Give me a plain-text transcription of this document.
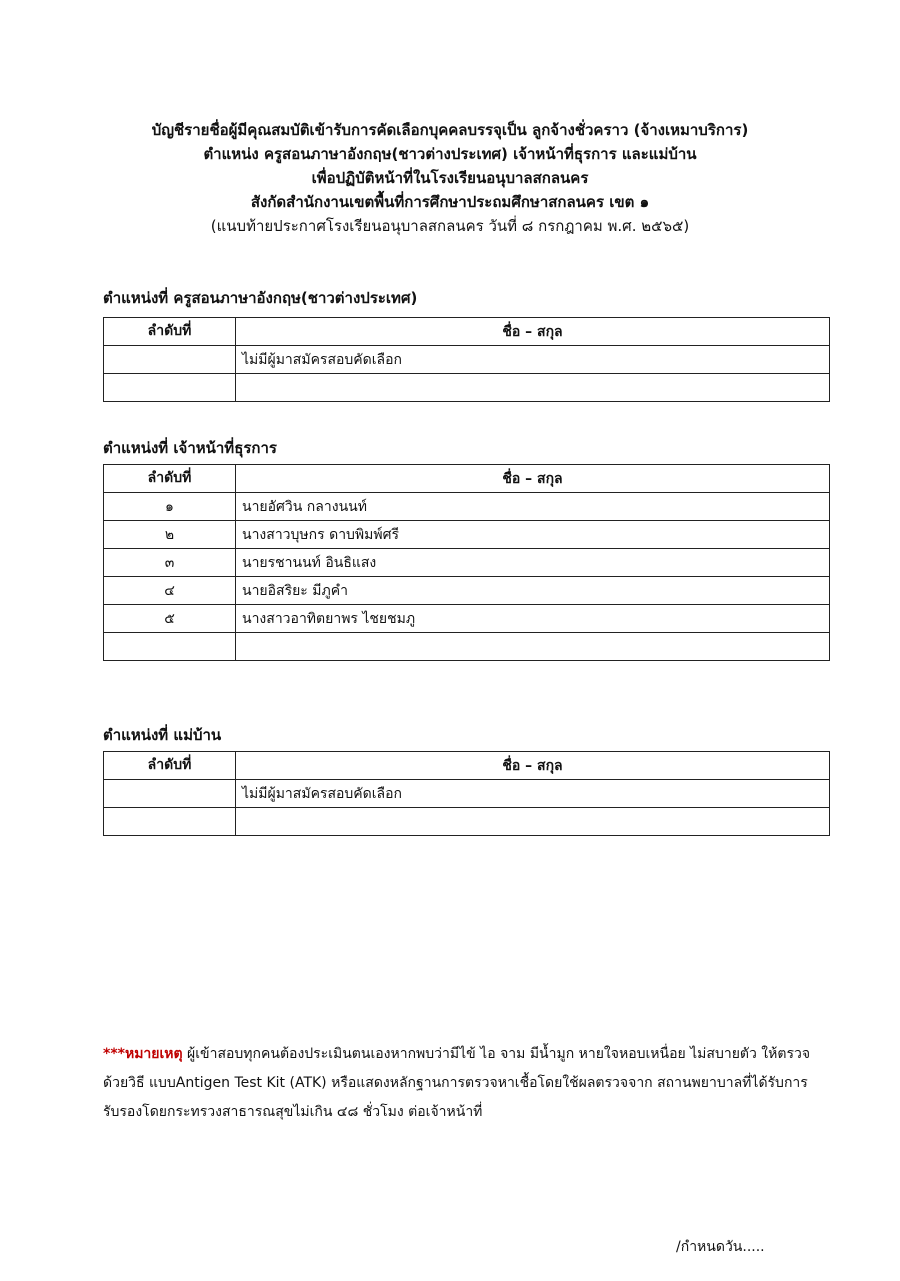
บัญชีรายชื่อผู้มีคุณสมบัติเข้ารับการคัดเลือกบุคคลบรรจุเป็น ลูกจ้างชั่วคราว (จ้างเหมาบริการ)
ตำแหน่ง ครูสอนภาษาอังกฤษ(ชาวต่างประเทศ) เจ้าหน้าที่ธุรการ และแม่บ้าน
เพื่อปฏิบัติหน้าที่ในโรงเรียนอนุบาลสกลนคร
สังกัดสำนักงานเขตพื้นที่การศึกษาประถมศึกษาสกลนคร เขต ๑
(แนบท้ายประกาศโรงเรียนอนุบาลสกลนคร วันที่ ๘ กรกฎาคม พ.ศ. ๒๕๖๕)
ตำแหน่งที่ ครูสอนภาษาอังกฤษ(ชาวต่างประเทศ)
ลำดับที่	ชื่อ – สกุล
	ไม่มีผู้มาสมัครสอบคัดเลือก

ตำแหน่งที่ เจ้าหน้าที่ธุรการ
ลำดับที่	ชื่อ – สกุล
๑	นายอัศวิน กลางนนท์
๒	นางสาวบุษกร ดาบพิมพ์ศรี
๓	นายรชานนท์ อินธิแสง
๔	นายอิสริยะ มีภูคำ
๕	นางสาวอาทิตยาพร ไชยชมภู

ตำแหน่งที่ แม่บ้าน
ลำดับที่	ชื่อ – สกุล
	ไม่มีผู้มาสมัครสอบคัดเลือก

***หมายเหตุ ผู้เข้าสอบทุกคนต้องประเมินตนเองหากพบว่ามีไข้ ไอ จาม มีน้ำมูก หายใจหอบเหนื่อย ไม่สบายตัว ให้ตรวจด้วยวิธี แบบAntigen Test Kit (ATK) หรือแสดงหลักฐานการตรวจหาเชื้อโดยใช้ผลตรวจจาก สถานพยาบาลที่ได้รับการรับรองโดยกระทรวงสาธารณสุขไม่เกิน ๔๘ ชั่วโมง ต่อเจ้าหน้าที่
/กำหนดวัน.....
